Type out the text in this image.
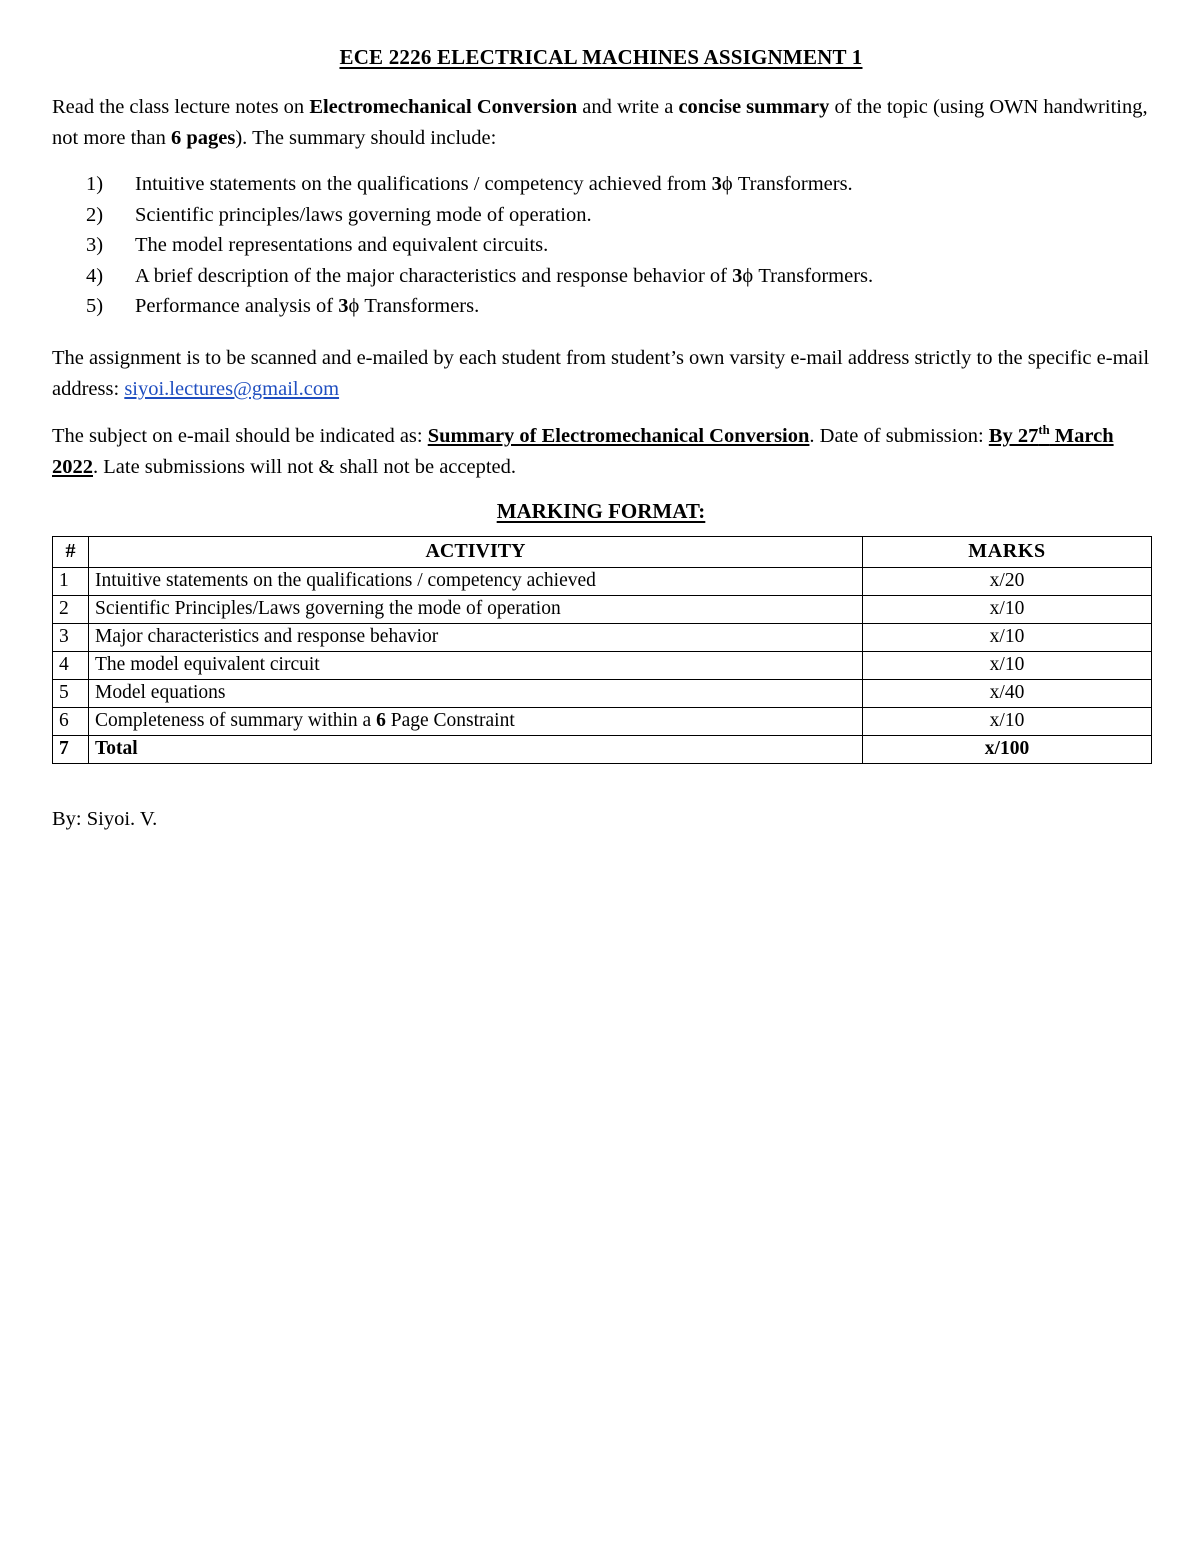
ECE 2226 ELECTRICAL MACHINES ASSIGNMENT 1

Read the class lecture notes on Electromechanical Conversion and write a concise summary of the topic (using OWN handwriting, not more than 6 pages). The summary should include:

1)	Intuitive statements on the qualifications / competency achieved from 3ϕ Transformers.
2)	Scientific principles/laws governing mode of operation.
3)	The model representations and equivalent circuits.
4)	A brief description of the major characteristics and response behavior of 3ϕ Transformers.
5)	Performance analysis of 3ϕ Transformers.

The assignment is to be scanned and e-mailed by each student from student’s own varsity e-mail address strictly to the specific e-mail address: siyoi.lectures@gmail.com

The subject on e-mail should be indicated as: Summary of Electromechanical Conversion. Date of submission: By 27th March 2022. Late submissions will not & shall not be accepted.

MARKING FORMAT:
#	ACTIVITY	MARKS
1	Intuitive statements on the qualifications / competency achieved	x/20
2	Scientific Principles/Laws governing the mode of operation	x/10
3	Major characteristics and response behavior	x/10
4	The model equivalent circuit	x/10
5	Model equations	x/40
6	Completeness of summary within a 6 Page Constraint	x/10
7	Total	x/100
By: Siyoi. V.
